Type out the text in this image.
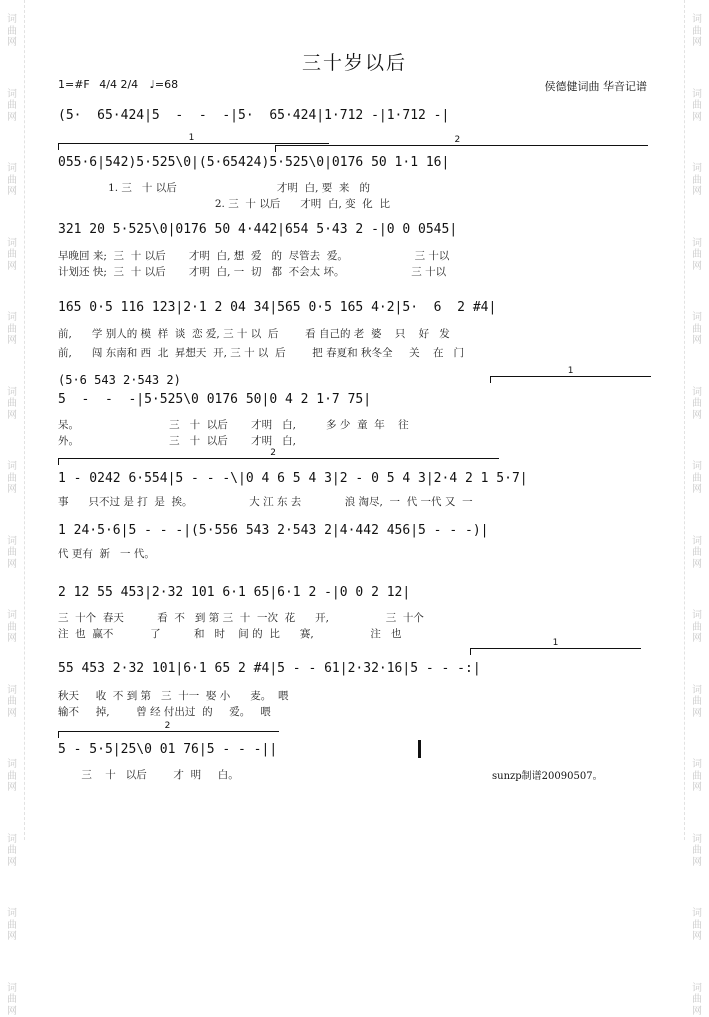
词
曲
网
词
曲
网
词
曲
网
词
曲
网
词
曲
网
词
曲
网
词
曲
网
词
曲
网
词
曲
网
词
曲
网
词
曲
网
词
曲
网
词
曲
网
词
曲
网
词
曲
网
词
曲
网
词
曲
网
词
曲
网
词
曲
网
词
曲
网
词
曲
网
词
曲
网
词
曲
网
词
曲
网
词
曲
网
词
曲
网
词
曲
网
词
曲
网
三十岁以后
1=#F 4/4 2/4 ♩=68	侯德健词曲 华音记谱
(5·  65·424|5  -  -  -|5·  65·424|1·712 -|1·712 -|
1	2
055·6|542)5·525\0|(5·65424)5·525\0|0176 50 1·1 16|
1. 三   十 以后                              才明  白, 要  来   的
2. 三  十 以后      才明  白, 变  化  比
321 20 5·525\0|0176 50 4·442|654 5·43 2 -|0 0 0545|
早晚回 来;  三  十 以后       才明  白, 想  爱   的  尽管去  爱。                    三 十以
计划还 快;  三  十 以后       才明  白, 一  切   都  不会太 坏。                    三 十以
165 0·5 116 123|2·1 2 04 34|565 0·5 165 4·2|5·  6  2 #4|
前,      学 别人的 模  样  谈  恋 爱, 三 十 以  后        看 自己的 老  婆    只    好   发
前,      闯 东南和 西  北  昇想天  开, 三 十 以  后        把 春夏和 秋冬全     关    在   门
(5·6 543 2·543 2)
1
5  -  -  -|5·525\0 0176 50|0 4 2 1·7 75|
呆。                           三   十  以后       才明   白,         多 少  童  年    往
外。                           三   十  以后       才明   白,
2
1 - 0242 6·554|5 - - -\|0 4 6 5 4 3|2 - 0 5 4 3|2·4 2 1 5·7|
事      只不过 是 打  是  挨。                 大 江 东 去             浪 淘尽,  一  代 一代 又  一
1 24·5·6|5 - - -|(5·556 543 2·543 2|4·442 456|5 - - -)|
代 更有  新   一 代。
2 12 55 453|2·32 101 6·1 65|6·1 2 -|0 0 2 12|
三  十个  春天          看  不   到 第 三  十  一次  花      开,                 三  十个
注  也  赢不           了          和   时    间 的  比      赛,                 注   也
1
55 453 2·32 101|6·1 65 2 #4|5 - - 61|2·32·16|5 - - -:|
秋天     收  不 到 第   三  十一  娶 小      麦。  喂
输不     掉,        曾 经 付出过  的     爱。   喂
2
5 - 5·5|25\0 01 76|5 - - -||
三    十   以后        才  明     白。	sunzp制谱20090507。
